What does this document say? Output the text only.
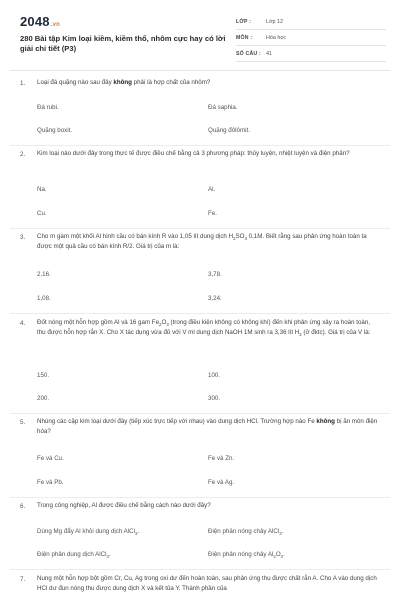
2048.vn
280 Bài tập Kim loại kiềm, kiềm thổ, nhôm cực hay có lời giải chi tiết (P3)
LỚP :	Lớp 12
MÔN :	Hóa học
SỐ CÂU : 41
1. Loại đá quặng nào sau đây không phải là hợp chất của nhôm?
Đá rubi.	Đá saphia.
Quặng boxit.	Quặng đôlômit.
2. Kim loại nào dưới đây trong thực tế được điều chế bằng cả 3 phương pháp: thủy luyện, nhiệt luyện và điện phân?
Na.	Al.
Cu.	Fe.
3. Cho m gam một khối Al hình cầu có bán kính R vào 1,05 lít dung dịch $H_2SO_4$ 0,1M. Biết rằng sau phản ứng hoàn toàn ta được một quả cầu có bán kính R/2. Giá trị của m là:
2,16.	3,78.
1,08.	3,24.
4. Đốt nóng một hỗn hợp gồm Al và 16 gam $Fe_2O_3$ (trong điều kiện không có không khí) đến khi phản ứng xảy ra hoàn toàn, thu được hỗn hợp rắn X. Cho X tác dụng vừa đủ với V ml dung dịch NaOH 1M sinh ra 3,36 lít $H_2$ (ở đktc). Giá trị của V là:
150.	100.
200.	300.
5. Nhúng các cặp kim loại dưới đây (tiếp xúc trực tiếp với nhau) vào dung dịch HCl. Trường hợp nào Fe không bị ăn mòn điện hóa?
Fe và Cu.	Fe và Zn.
Fe và Pb.	Fe và Ag.
6. Trong công nghiệp, Al được điều chế bằng cách nào dưới đây?
Dùng Mg đẩy Al khỏi dung dịch AlCl$_3$.	Điện phân nóng chảy AlCl$_3$.
Điện phân dung dịch AlCl$_3$.	Điện phân nóng chảy $Al_2O_3$.
7. Nung một hỗn hợp bột gồm Cr, Cu, Ag trong oxi dư đến hoàn toàn, sau phản ứng thu được chất rắn A. Cho A vào dung dịch HCl dư đun nóng thu được dung dịch X và kết tủa Y. Thành phần của
